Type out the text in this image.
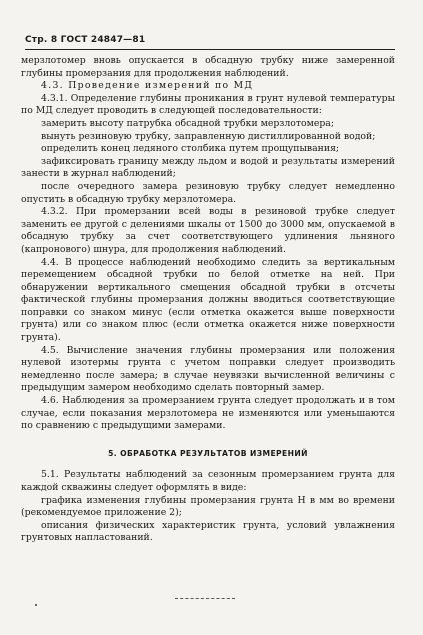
Стр. 8 ГОСТ 24847—81

мерзлотомер вновь опускается в обсадную трубку ниже замеренной глубины промерзания для продолжения наблюдений.

4.3. Проведение измерений по МД

4.3.1. Определение глубины проникания в грунт нулевой температуры по МД следует проводить в следующей последовательности:

замерить высоту патрубка обсадной трубки мерзлотомера;

вынуть резиновую трубку, заправленную дистиллированной водой;

определить конец ледяного столбика путем прощупывания;

зафиксировать границу между льдом и водой и результаты измерений занести в журнал наблюдений;

после очередного замера резиновую трубку следует немедленно опустить в обсадную трубку мерзлотомера.

4.3.2. При промерзании всей воды в резиновой трубке следует заменить ее другой с делениями шкалы от 1500 до 3000 мм, опускаемой в обсадную трубку за счет соответствующего удлинения льняного (капронового) шнура, для продолжения наблюдений.

4.4. В процессе наблюдений необходимо следить за вертикальным перемещением обсадной трубки по белой отметке на ней. При обнаружении вертикального смещения обсадной трубки в отсчеты фактической глубины промерзания должны вводиться соответствующие поправки со знаком минус (если отметка окажется выше поверхности грунта) или со знаком плюс (если отметка окажется ниже поверхности грунта).

4.5. Вычисление значения глубины промерзания или положения нулевой изотермы грунта с учетом поправки следует производить немедленно после замера; в случае неувязки вычисленной величины с предыдущим замером необходимо сделать повторный замер.

4.6. Наблюдения за промерзанием грунта следует продолжать и в том случае, если показания мерзлотомера не изменяются или уменьшаются по сравнению с предыдущими замерами.

5. ОБРАБОТКА РЕЗУЛЬТАТОВ ИЗМЕРЕНИЙ

5.1. Результаты наблюдений за сезонным промерзанием грунта для каждой скважины следует оформлять в виде:

графика изменения глубины промерзания грунта Н в мм во времени (рекомендуемое приложение 2);

описания физических характеристик грунта, условий увлажнения грунтовых напластований.
